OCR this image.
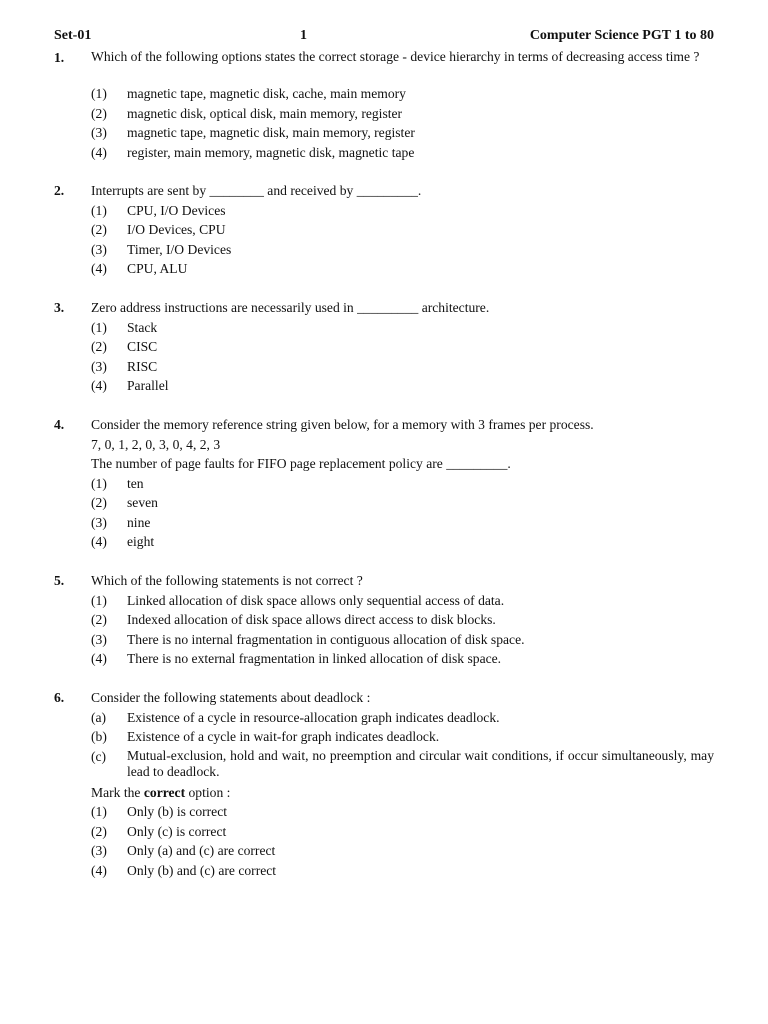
Set-01	1	Computer Science PGT 1 to 80
1. Which of the following options states the correct storage - device hierarchy in terms of decreasing access time ?
(1) magnetic tape, magnetic disk, cache, main memory
(2) magnetic disk, optical disk, main memory, register
(3) magnetic tape, magnetic disk, main memory, register
(4) register, main memory, magnetic disk, magnetic tape
2. Interrupts are sent by ________ and received by _________.
(1) CPU, I/O Devices
(2) I/O Devices, CPU
(3) Timer, I/O Devices
(4) CPU, ALU
3. Zero address instructions are necessarily used in _________ architecture.
(1) Stack
(2) CISC
(3) RISC
(4) Parallel
4. Consider the memory reference string given below, for a memory with 3 frames per process.
7, 0, 1, 2, 0, 3, 0, 4, 2, 3
The number of page faults for FIFO page replacement policy are _________.
(1) ten
(2) seven
(3) nine
(4) eight
5. Which of the following statements is not correct ?
(1) Linked allocation of disk space allows only sequential access of data.
(2) Indexed allocation of disk space allows direct access to disk blocks.
(3) There is no internal fragmentation in contiguous allocation of disk space.
(4) There is no external fragmentation in linked allocation of disk space.
6. Consider the following statements about deadlock :
(a) Existence of a cycle in resource-allocation graph indicates deadlock.
(b) Existence of a cycle in wait-for graph indicates deadlock.
(c) Mutual-exclusion, hold and wait, no preemption and circular wait conditions, if occur simultaneously, may lead to deadlock.
Mark the correct option :
(1) Only (b) is correct
(2) Only (c) is correct
(3) Only (a) and (c) are correct
(4) Only (b) and (c) are correct
